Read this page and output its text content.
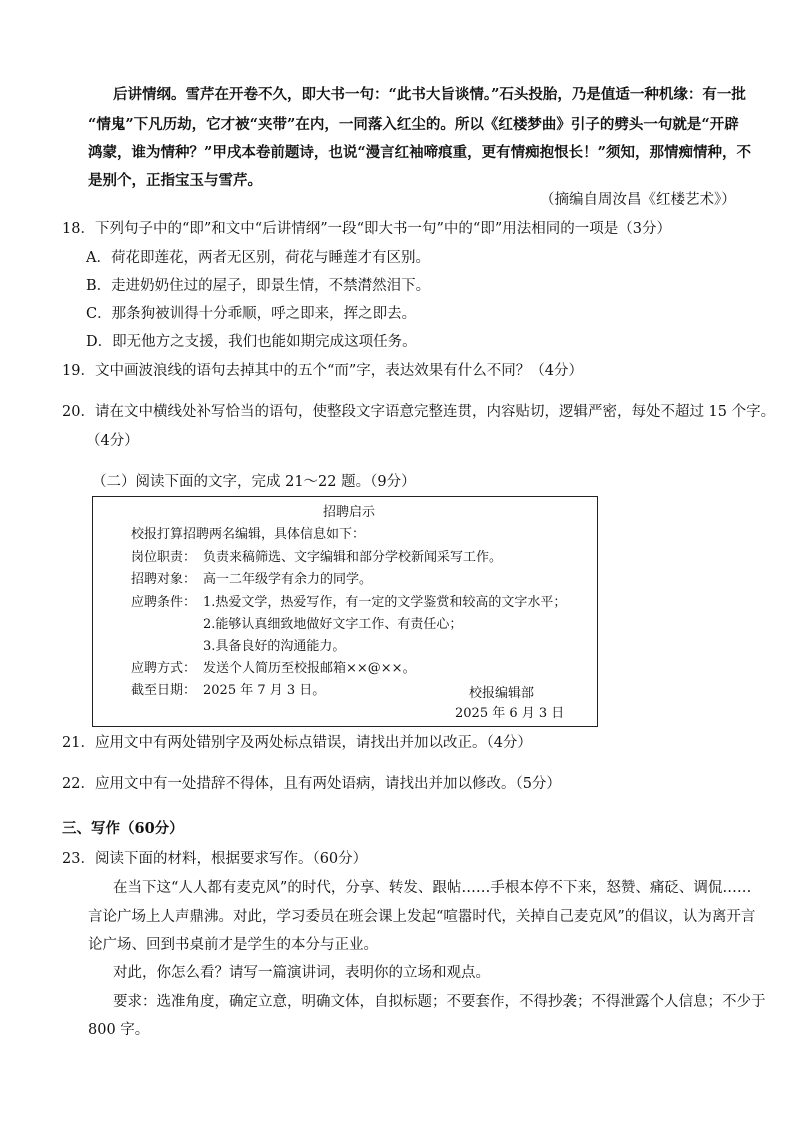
后讲情纲。雪芹在开卷不久，即大书一句：“此书大旨谈情。”石头投胎，乃是值适一种机缘：有一批
“情鬼”下凡历劫，它才被“夹带”在内，一同落入红尘的。所以《红楼梦曲》引子的劈头一句就是“开辟
鸿蒙，谁为情种？”甲戌本卷前题诗，也说“漫言红袖啼痕重，更有情痴抱恨长！”须知，那情痴情种，不
是别个，正指宝玉与雪芹。
（摘编自周汝昌《红楼艺术》）
18．下列句子中的“即”和文中“后讲情纲”一段“即大书一句”中的“即”用法相同的一项是（3分）
A．荷花即莲花，两者无区别，荷花与睡莲才有区别。
B．走进奶奶住过的屋子，即景生情，不禁潸然泪下。
C．那条狗被训得十分乖顺，呼之即来，挥之即去。
D．即无他方之支援，我们也能如期完成这项任务。
19．文中画波浪线的语句去掉其中的五个“而”字，表达效果有什么不同？（4分）
20．请在文中横线处补写恰当的语句，使整段文字语意完整连贯，内容贴切，逻辑严密，每处不超过 15 个字。
（4分）
（二）阅读下面的文字，完成 21～22 题。（9分）
招聘启示
校报打算招聘两名编辑，具体信息如下：
岗位职责： 负责来稿筛选、文字编辑和部分学校新闻采写工作。
招聘对象： 高一二年级学有余力的同学。
应聘条件： 1.热爱文学，热爱写作，有一定的文学鉴赏和较高的文字水平；
2.能够认真细致地做好文字工作、有责任心；
3.具备良好的沟通能力。
应聘方式： 发送个人简历至校报邮箱××@××。
截至日期： 2025 年 7 月 3 日。	校报编辑部
2025 年 6 月 3 日
21．应用文中有两处错别字及两处标点错误，请找出并加以改正。（4分）
22．应用文中有一处措辞不得体，且有两处语病，请找出并加以修改。（5分）
三、写作（60分）
23．阅读下面的材料，根据要求写作。（60分）
在当下这“人人都有麦克风”的时代，分享、转发、跟帖……手根本停不下来，怒赞、痛砭、调侃……
言论广场上人声鼎沸。对此，学习委员在班会课上发起“喧嚣时代，关掉自己麦克风”的倡议，认为离开言
论广场、回到书桌前才是学生的本分与正业。
对此，你怎么看？请写一篇演讲词，表明你的立场和观点。
要求：选准角度，确定立意，明确文体，自拟标题；不要套作，不得抄袭；不得泄露个人信息；不少于
800 字。
